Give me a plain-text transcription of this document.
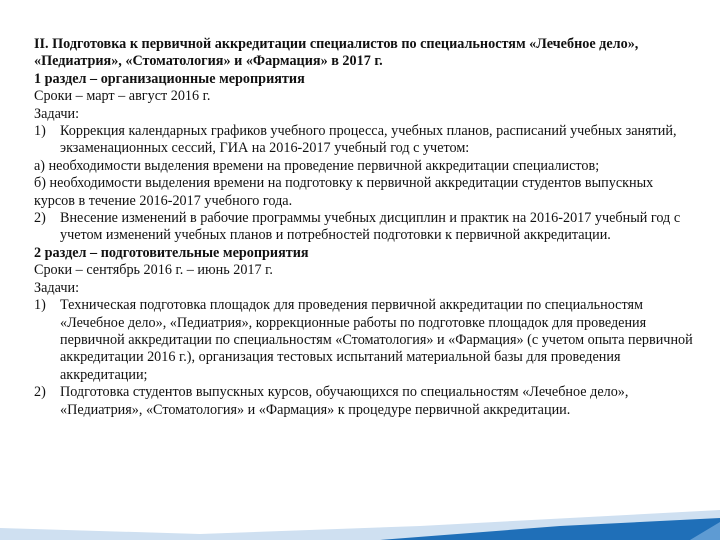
II. Подготовка к первичной аккредитации специалистов по специальностям «Лечебное дело», «Педиатрия», «Стоматология» и «Фармация» в 2017 г.
1 раздел – организационные мероприятия
Сроки – март – август 2016 г.
Задачи:
1) Коррекция календарных графиков учебного процесса, учебных планов, расписаний учебных занятий, экзаменационных сессий, ГИА на 2016-2017 учебный год с учетом:
а) необходимости выделения времени на проведение первичной аккредитации специалистов;
б) необходимости выделения времени на подготовку к первичной аккредитации студентов выпускных курсов в течение 2016-2017 учебного года.
2) Внесение изменений в рабочие программы учебных дисциплин и практик на 2016-2017 учебный год с учетом изменений учебных планов и потребностей подготовки к первичной аккредитации.
2 раздел – подготовительные мероприятия
Сроки – сентябрь 2016 г. – июнь 2017 г.
Задачи:
1) Техническая подготовка площадок для проведения первичной аккредитации по специальностям «Лечебное дело», «Педиатрия», коррекционные работы по подготовке площадок для проведения первичной аккредитации по специальностям «Стоматология» и «Фармация» (с учетом опыта первичной аккредитации 2016 г.), организация тестовых испытаний материальной базы для проведения аккредитации;
2) Подготовка студентов выпускных курсов, обучающихся по специальностям «Лечебное дело», «Педиатрия», «Стоматология» и «Фармация» к процедуре первичной аккредитации.
